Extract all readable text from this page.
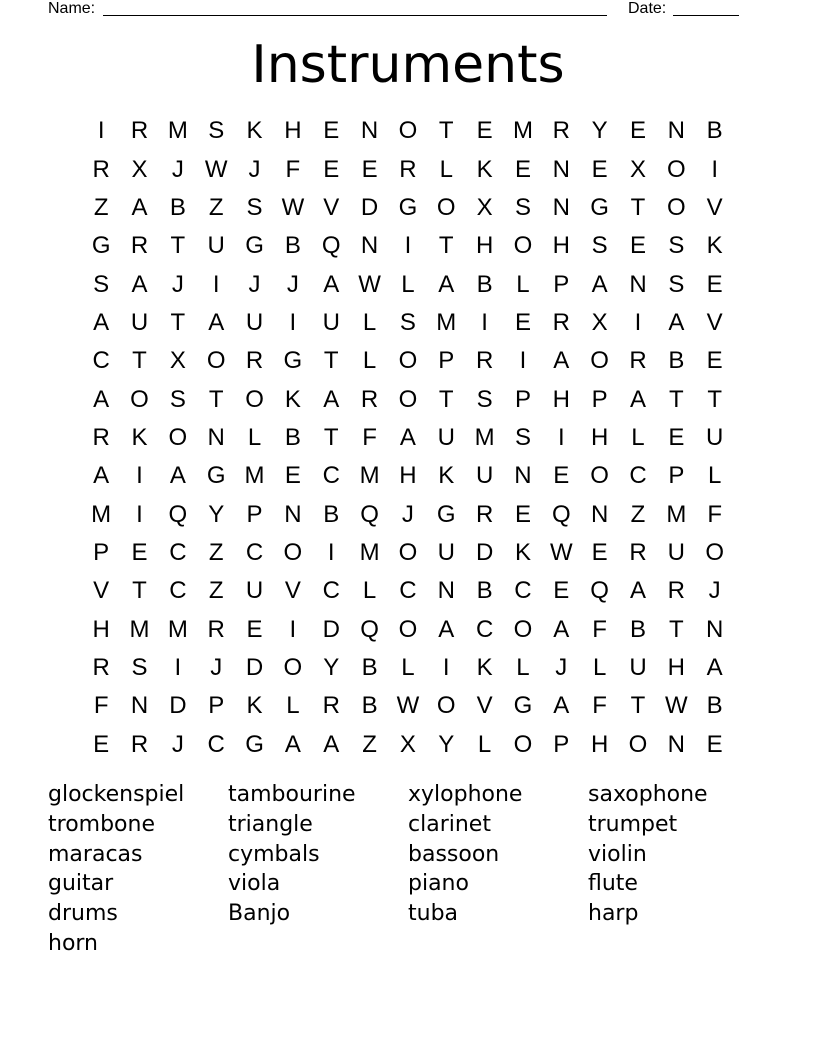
Name:	Date:
Instruments
I	R M S K H E N O T E M R Y E N B
R X	J W J	F E E R L K E N E X O	I
Z A B Z S W V D G O X S N G T O V
G R T U G B Q N	I	T H O H S E S K
S A	J	I	J	J	A W L A B L P A N S E
A U T A U	I	U L S M	I	E R X	I	A V
C T X O R G T	L O P R	I	A O R B E
A O S T O K A R O T S P H P A T T
R K O N L B T F A U M S	I	H L E U
A	I	A G M E C M H K U N E O C P L
M	I	Q Y P N B Q J G R E Q N Z M F
P E C Z C O	I	M O U D K W E R U O
V T C Z U V C L C N B C E Q A R J
H M M R E	I	D Q O A C O A F B T N
R S	I	J D O Y B L	I	K L	J	L U H A
F N D P K L R B W O V G A F T W B
E R J C G A A Z X Y L O P H O N E
glockenspiel	tambourine	xylophone	saxophone
trombone	triangle	clarinet	trumpet
maracas	cymbals	bassoon	violin
guitar	viola	piano	flute
drums	Banjo	tuba	harp
horn
